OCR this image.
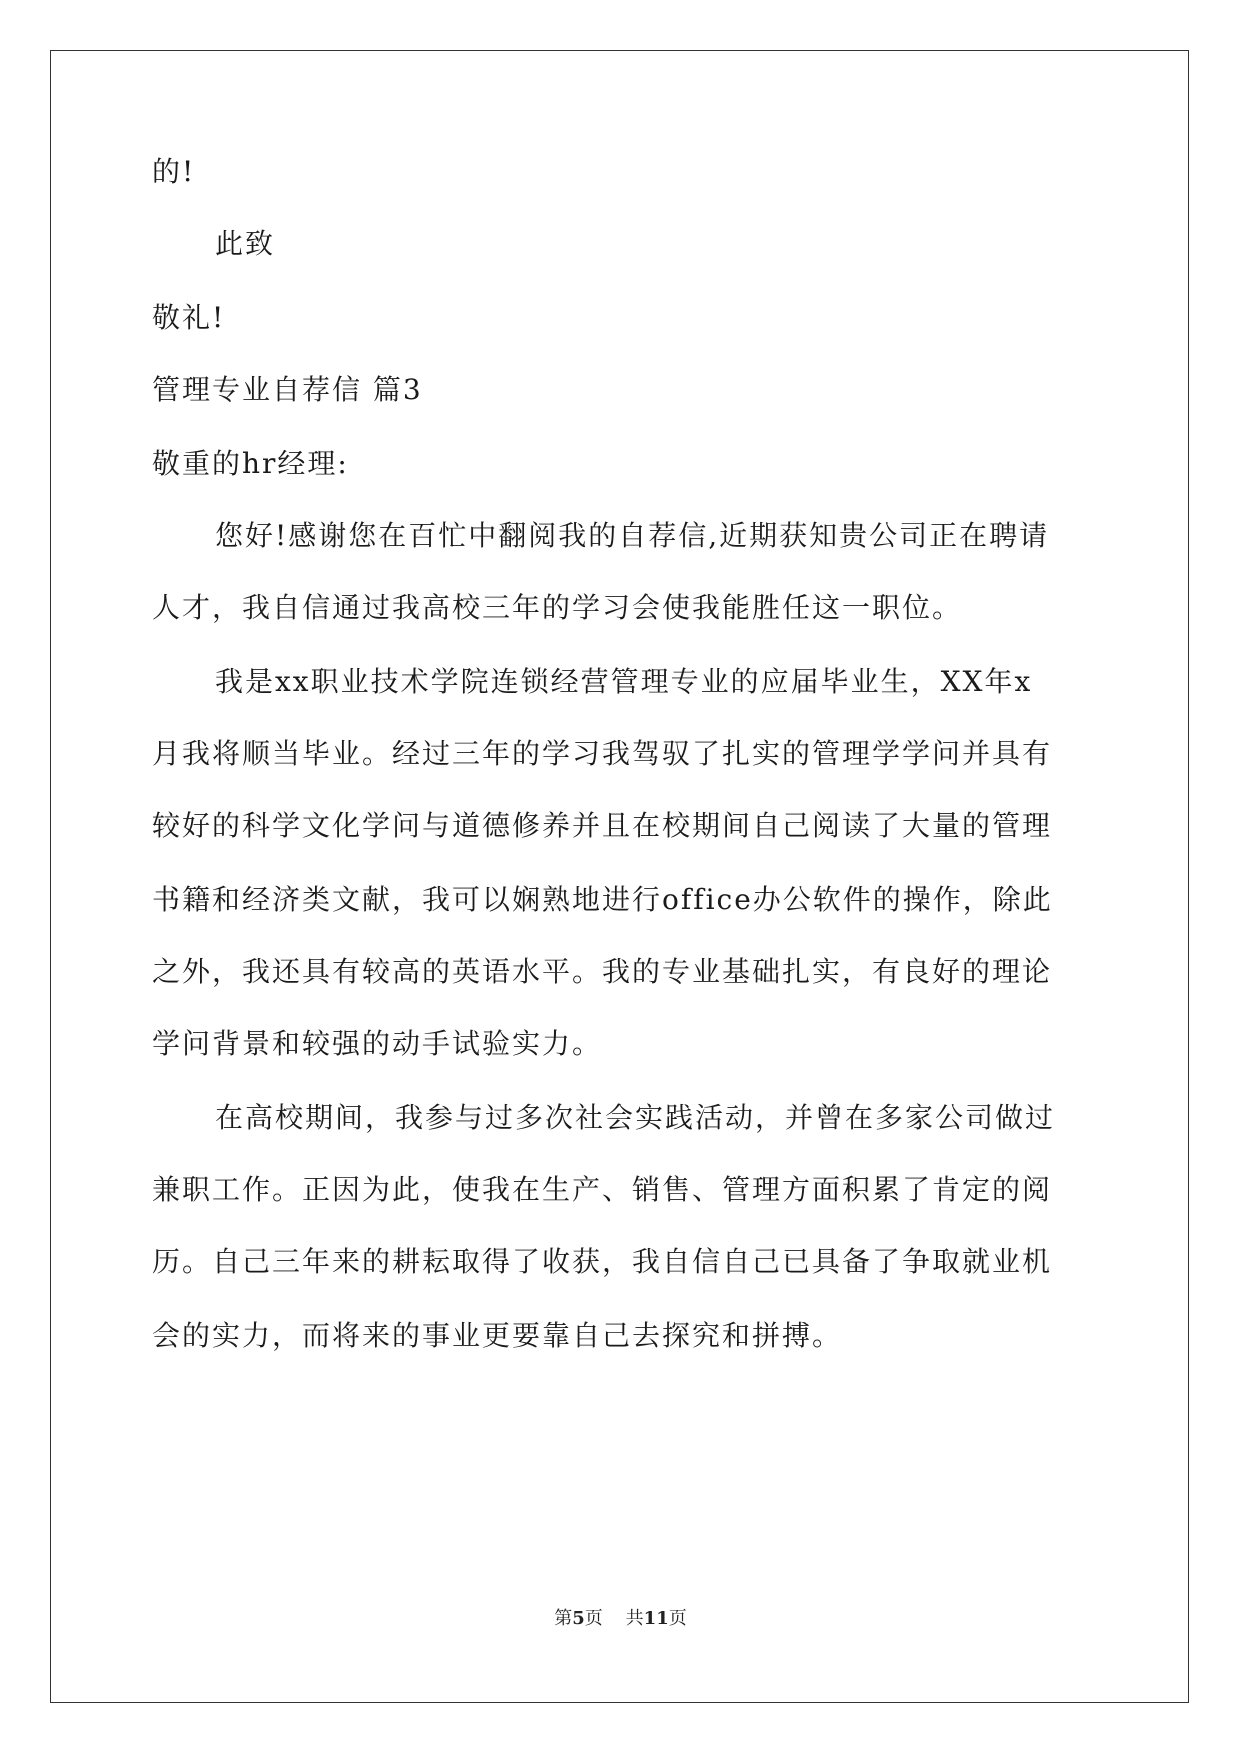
的!
此致
敬礼!
管理专业自荐信 篇3
敬重的hr经理:
您好!感谢您在百忙中翻阅我的自荐信,近期获知贵公司正在聘请
人才，我自信通过我高校三年的学习会使我能胜任这一职位。
我是xx职业技术学院连锁经营管理专业的应届毕业生，XX年x
月我将顺当毕业。经过三年的学习我驾驭了扎实的管理学学问并具有
较好的科学文化学问与道德修养并且在校期间自己阅读了大量的管理
书籍和经济类文献，我可以娴熟地进行office办公软件的操作，除此
之外，我还具有较高的英语水平。我的专业基础扎实，有良好的理论
学问背景和较强的动手试验实力。
在高校期间，我参与过多次社会实践活动，并曾在多家公司做过
兼职工作。正因为此，使我在生产、销售、管理方面积累了肯定的阅
历。自己三年来的耕耘取得了收获，我自信自己已具备了争取就业机
会的实力，而将来的事业更要靠自己去探究和拼搏。
第5页 共11页
